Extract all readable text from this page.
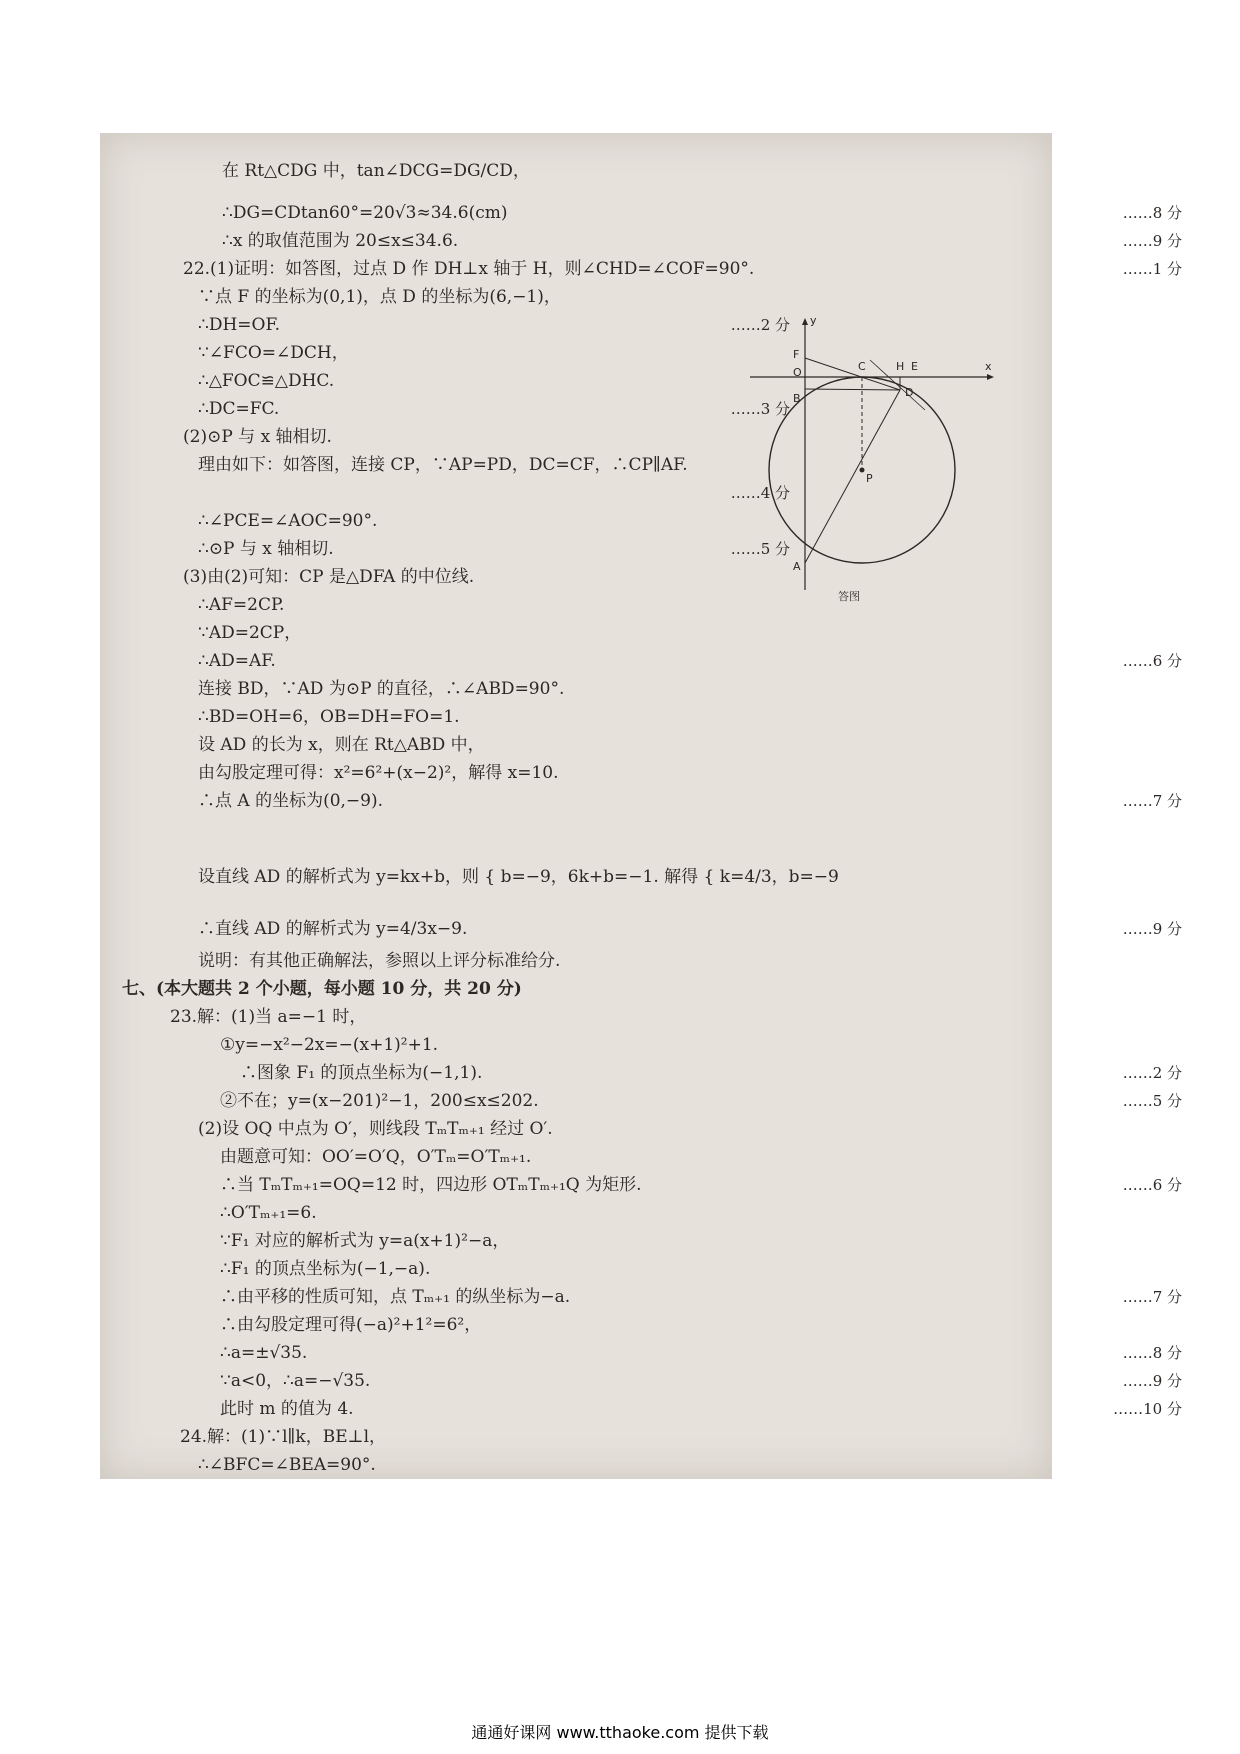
在 Rt△CDG 中，tan∠DCG=DG/CD，
∴DG=CDtan60°=20√3≈34.6(cm)
∴x 的取值范围为 20≤x≤34.6.
22.(1)证明：如答图，过点 D 作 DH⊥x 轴于 H，则∠CHD=∠COF=90°.
∵点 F 的坐标为(0,1)，点 D 的坐标为(6,−1)，
∴DH=OF.
∵∠FCO=∠DCH，
∴△FOC≌△DHC.
∴DC=FC.
(2)⊙P 与 x 轴相切.
理由如下：如答图，连接 CP，∵AP=PD，DC=CF，∴CP∥AF.
∴∠PCE=∠AOC=90°.
∴⊙P 与 x 轴相切.
(3)由(2)可知：CP 是△DFA 的中位线.
∴AF=2CP.
∵AD=2CP，
∴AD=AF.
连接 BD，∵AD 为⊙P 的直径，∴∠ABD=90°.
∴BD=OH=6，OB=DH=FO=1.
设 AD 的长为 x，则在 Rt△ABD 中，
由勾股定理可得：x²=6²+(x−2)²，解得 x=10.
∴点 A 的坐标为(0,−9).
设直线 AD 的解析式为 y=kx+b，则 { b=−9，6k+b=−1. 解得 { k=4/3，b=−9
∴直线 AD 的解析式为 y=4/3x−9.
说明：有其他正确解法，参照以上评分标准给分.
七、(本大题共 2 个小题，每小题 10 分，共 20 分)
23.解：(1)当 a=−1 时，
①y=−x²−2x=−(x+1)²+1.
∴图象 F₁ 的顶点坐标为(−1,1).
②不在；y=(x−201)²−1，200≤x≤202.
(2)设 OQ 中点为 O′，则线段 TₘTₘ₊₁ 经过 O′.
由题意可知：OO′=O′Q，O′Tₘ=O′Tₘ₊₁.
∴当 TₘTₘ₊₁=OQ=12 时，四边形 OTₘTₘ₊₁Q 为矩形.
∴O′Tₘ₊₁=6.
∵F₁ 对应的解析式为 y=a(x+1)²−a，
∴F₁ 的顶点坐标为(−1,−a).
∴由平移的性质可知，点 Tₘ₊₁ 的纵坐标为−a.
∴由勾股定理可得(−a)²+1²=6²，
∴a=±√35.
∵a<0，∴a=−√35.
此时 m 的值为 4.
24.解：(1)∵l∥k，BE⊥l，
∴∠BFC=∠BEA=90°.
……8 分
……9 分
……1 分
……2 分
……3 分
……4 分
……5 分
……6 分
……7 分
……9 分
……2 分
……5 分
……6 分
……7 分
……8 分
……9 分
……10 分
y
x
F
O
B
C	H E
D
P
A
答图
通通好课网 www.tthaoke.com 提供下载
